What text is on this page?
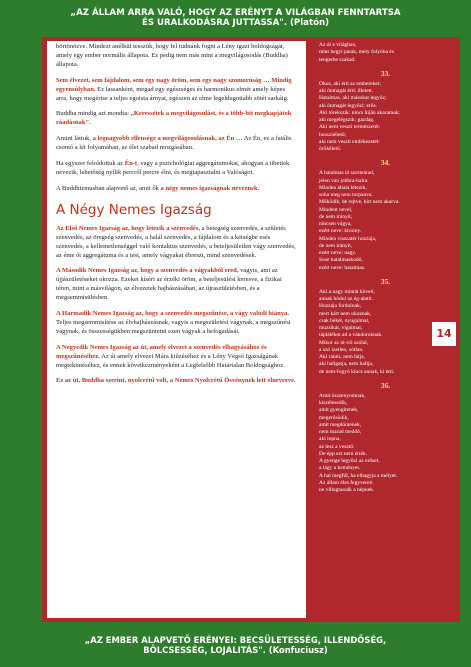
„AZ ÁLLAM ARRA VALÓ, HOGY AZ ERÉNYT A VILÁGBAN FENNTARTSA
ÉS URALKODÁSRA JUTTASSA". (Platón)

börtönözve. Mindezt anélkül tesszük, hogy fel tudnánk fogni a Lény igazi boldogságát, amely egy ember normális állapota. Ez pedig nem más mint a megvilágosodás (Buddha) állapota.

Sem élvezet, sem fájdalom, sem egy nagy öröm, sem egy nagy szomorúság … Mindig egyensúlyban. Ez lassanként, megad egy egészséges és harmonikus elmét amely képes arra, hogy megértse a teljes egoista árnyat, egészen az elme legeldugottabb sötét sarkáig.

Buddha mindig azt mondta: „Keressétek a megvilágosulást, és a több-bit megkapjátok ráadásnak".

Amint láttuk, a legnagyobb ellensége a megvilágosulásnak, az Én … Az Én, ez a fatális csomó a lét folyamában, az élet szabad mozgásában.

Ha egyszer feloldottuk az Én-t, vagy a pszichológiai aggregátumokat, ahogyan a tibetiek nevezik, lehetőség nyílik percről percre élni, és megtapasztalni a Valóságot.

A Buddhizmusban alapvető az, amit ők a négy nemes igazságnak neveznek.

A Négy Nemes Igazság

Az Első Nemes Igazság az, hogy létezik a szenvedés, a betegség szenvedés, a születés szenvedés, az öregség szenvedés, a halál szenvedés, a fájdalom és a kétségbe esés szenvedés, a kellemetlenséggel való kontaktus szenvedés, a beteljesületlen vágy szenvedés, az éme őt aggregátuma és a test, amely vágyakat ébreszt, mind szenvedések.

A Második Nemes Igazság az, hogy a szenvedés a vágyakból ered, vagyis, ami az újjászületéseket okozza. Ezeket kíséri az érzéki öröm, a beteljesülést keresve, a fizikai téren, mint a másvilágon, az élvezetek hajhászásában, az újraszületésben, és a megsemmisülésben.

A Harmadik Nemes Igazság az, hogy a szenvedés megszűnése, a vágy valódi hiánya. Teljes megsemmisítése az élvhajhászásnak, vagyis a megszületési vágynak, a megszűnési vágynak, és összességükben megszüntetni ezen vágyak a befogadását.

A Negyedik Nemes Igazság az út, amely elvezet a szenvedés elhagyásához és megszűnéséhez. Az út amely elvezet Mára kiűzéséhez és a Lény Végső Igazságának megtekintéséhez, és ennek következményeként a Legfelsőbb Határtalan Boldogsághoz.

Ez az út, Buddha szerint, nyolcrétű volt, a Nemes Nyolcrétű Ösvénynek lett elnevezve.

Az út e világban,
mint hegyi patak, mely folyóba és
tengerbe szakad.
33.
Okos, aki érti az embereket;
aki önmagát érti: illetett.
Hatalmas, aki másokat legyőz;
aki önmagát legyőzi: erős.
Aki tőrekszik: nincs híján akaratnak;
aki megelégszik: gazdag.
Aki nem veszti természetét:
hosszúéletű;
aki nem veszti emlékezetét:
örökéletű.
34.
A hatalmas út szerteárad,
jelen van jobbra-balra.
Minden általa létezik,
soha meg nem torpanva.
Működik, de rejtve, hírt nem akarva.
Mindent nevel,
de nem irányít,
nincsen vágya,
ezért neve: kicsiny.
Minden visszatér hozzája,
de nem irányít,
ezért neve: nagy.
Sose hatalmaskodó,
ezért neve: hatalmas.
35.
Aki a nagy mintát követi,
annak hódol az ég-alatti.
Hozzája fordulnak,
mert kárt nem okoznak,
csak békét, nyugalmat,
muzsikát, vígalmat,
táplálékot ad a vándoroknak.
Mikor az út-ról szólal,
a szó ízetlen, sótlan.
Aki ránéz, nem látja,
aki hallgatja, nem hallja,
de nem-fogyó kincs annak, ki érti.
36.
Amit összenyomnak,
kiszélesedik,
amit gyengítenek,
megerősödik,
amit megdöntenek,
nem marad meddő,
aki lopna,
az lesz a vesztő.
De épp ezt nem érték.
A gyenge legyőzi az erőset,
a lágy a keményet.
A hal megfúl, ha elhagyja a mélyet.
Az állam éles fegyvereit
ne villogtassák a népnek.
14
„AZ EMBER ALAPVETŐ ERÉNYEI: BECSÜLETESSÉG, ILLENDŐSÉG,
BÖLCSESSÉG, LOJALITÁS". (Konfuciusz)
